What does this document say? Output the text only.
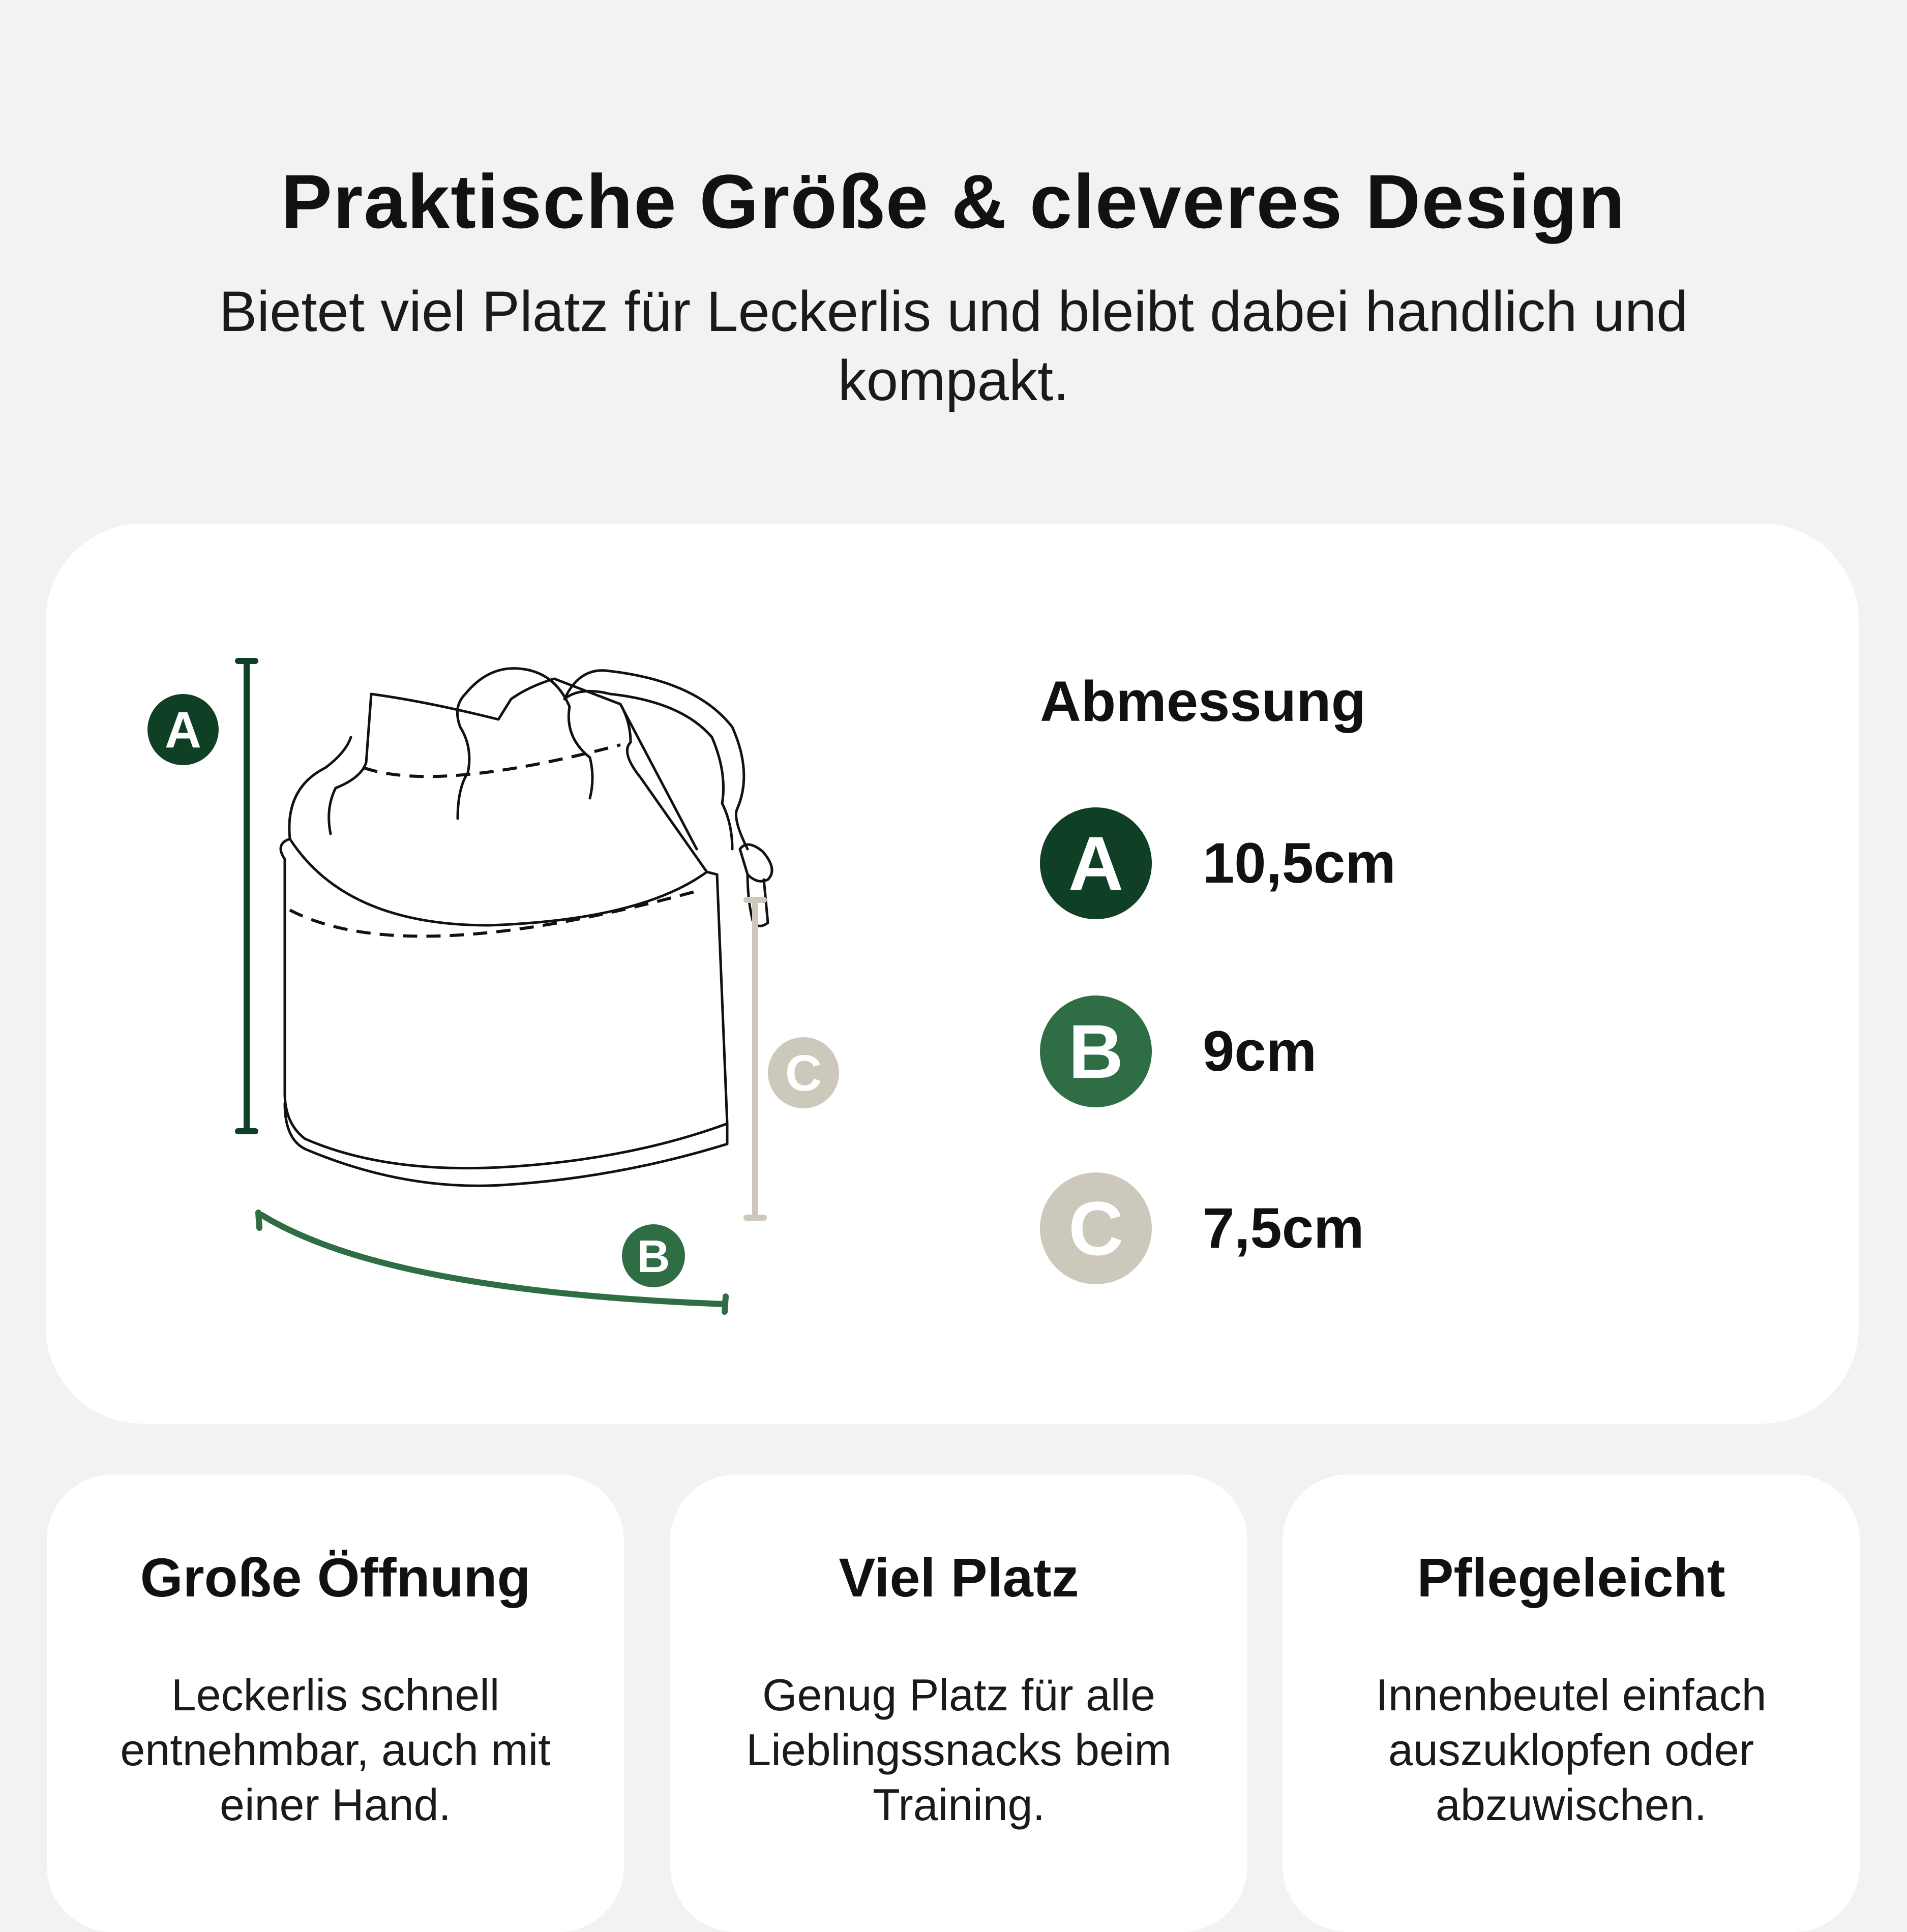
Praktische Größe & cleveres Design

Bietet viel Platz für Leckerlis und bleibt dabei handlich und kompakt.

A
B
C
Abmessung
A	10,5cm
B	9cm
C	7,5cm
Große Öffnung

Leckerlis schnell entnehmbar, auch mit einer Hand.

Viel Platz

Genug Platz für alle Lieblingssnacks beim Training.

Pflegeleicht

Innenbeutel einfach auszuklopfen oder abzuwischen.
